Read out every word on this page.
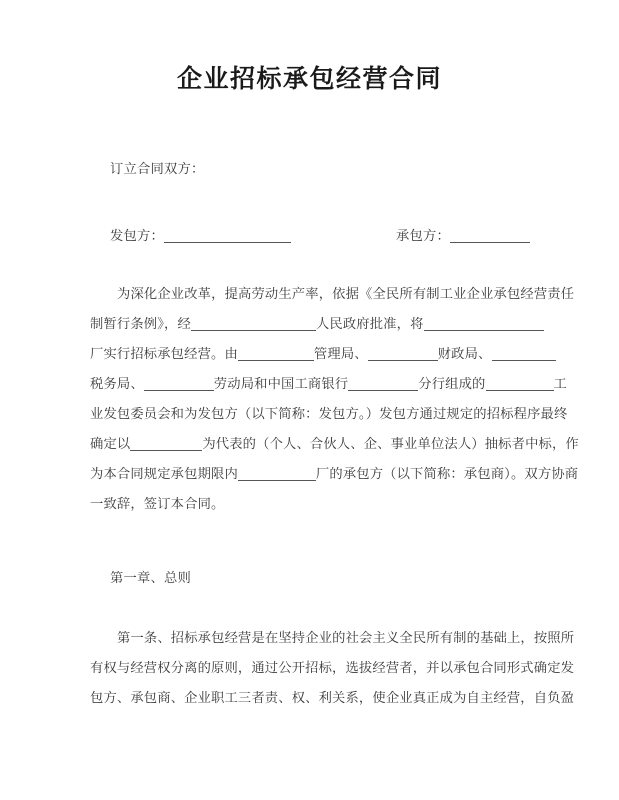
企业招标承包经营合同
订立合同双方：
发包方：	承包方：
为深化企业改革，提高劳动生产率，依据《全民所有制工业企业承包经营责任
制暂行条例》，经	人民政府批准，将
厂实行招标承包经营。由	管理局、	财政局、
税务局、	劳动局和中国工商银行	分行组成的	工
业发包委员会和为发包方（以下简称：发包方。）发包方通过规定的招标程序最终
确定以	为代表的（个人、合伙人、企、事业单位法人）抽标者中标，作
为本合同规定承包期限内	厂的承包方（以下简称：承包商）。双方协商
一致辞，签订本合同。
第一章、总则
第一条、招标承包经营是在坚持企业的社会主义全民所有制的基础上，按照所
有权与经营权分离的原则，通过公开招标，选拔经营者，并以承包合同形式确定发
包方、承包商、企业职工三者责、权、利关系，使企业真正成为自主经营，自负盈
